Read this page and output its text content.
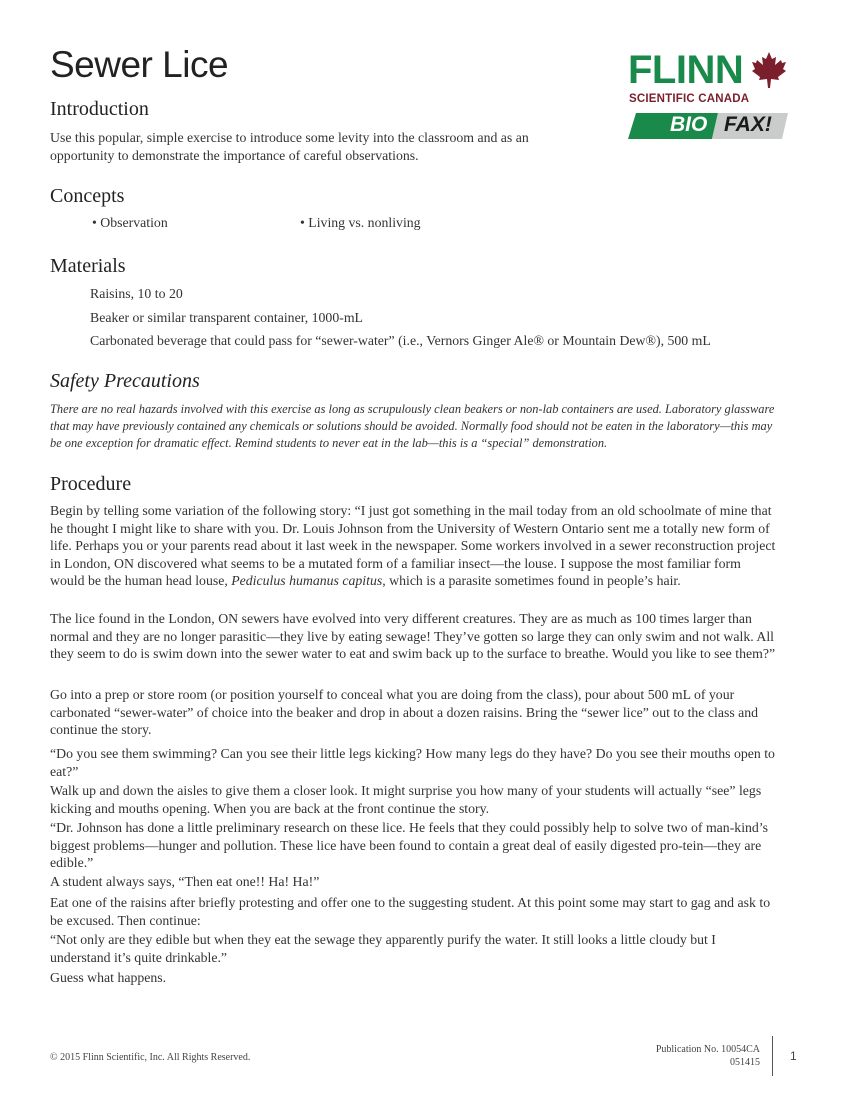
Sewer Lice	FLINN
SCIENTIFIC CANADA
BIO FAX!
Introduction

Use this popular, simple exercise to introduce some levity into the classroom and as an opportunity to demonstrate the importance of careful observations.

Concepts
• Observation	• Living vs. nonliving
Materials
Raisins, 10 to 20
Beaker or similar transparent container, 1000-mL
Carbonated beverage that could pass for “sewer-water” (i.e., Vernors Ginger Ale® or Mountain Dew®), 500 mL
Safety Precautions

There are no real hazards involved with this exercise as long as scrupulously clean beakers or non-lab containers are used. Laboratory glassware that may have previously contained any chemicals or solutions should be avoided. Normally food should not be eaten in the laboratory—this may be one exception for dramatic effect. Remind students to never eat in the lab—this is a “special” demonstration.

Procedure

Begin by telling some variation of the following story: “I just got something in the mail today from an old schoolmate of mine that he thought I might like to share with you. Dr. Louis Johnson from the University of Western Ontario sent me a totally new form of life. Perhaps you or your parents read about it last week in the newspaper. Some workers involved in a sewer reconstruction project in London, ON discovered what seems to be a mutated form of a familiar insect—the louse. I suppose the most familiar form would be the human head louse, Pediculus humanus capitus, which is a parasite sometimes found in people’s hair.

The lice found in the London, ON sewers have evolved into very different creatures. They are as much as 100 times larger than normal and they are no longer parasitic—they live by eating sewage! They’ve gotten so large they can only swim and not walk. All they seem to do is swim down into the sewer water to eat and swim back up to the surface to breathe. Would you like to see them?”

Go into a prep or store room (or position yourself to conceal what you are doing from the class), pour about 500 mL of your carbonated “sewer-water” of choice into the beaker and drop in about a dozen raisins. Bring the “sewer lice” out to the class and continue the story.

“Do you see them swimming? Can you see their little legs kicking? How many legs do they have? Do you see their mouths open to eat?”

Walk up and down the aisles to give them a closer look. It might surprise you how many of your students will actually “see” legs kicking and mouths opening. When you are back at the front continue the story.

“Dr. Johnson has done a little preliminary research on these lice. He feels that they could possibly help to solve two of man-kind’s biggest problems—hunger and pollution. These lice have been found to contain a great deal of easily digested pro-tein—they are edible.”

A student always says, “Then eat one!! Ha! Ha!”

Eat one of the raisins after briefly protesting and offer one to the suggesting student. At this point some may start to gag and ask to be excused. Then continue:

“Not only are they edible but when they eat the sewage they apparently purify the water. It still looks a little cloudy but I understand it’s quite drinkable.”

Guess what happens.

© 2015 Flinn Scientific, Inc. All Rights Reserved.
Publication No. 10054CA
051415	1
